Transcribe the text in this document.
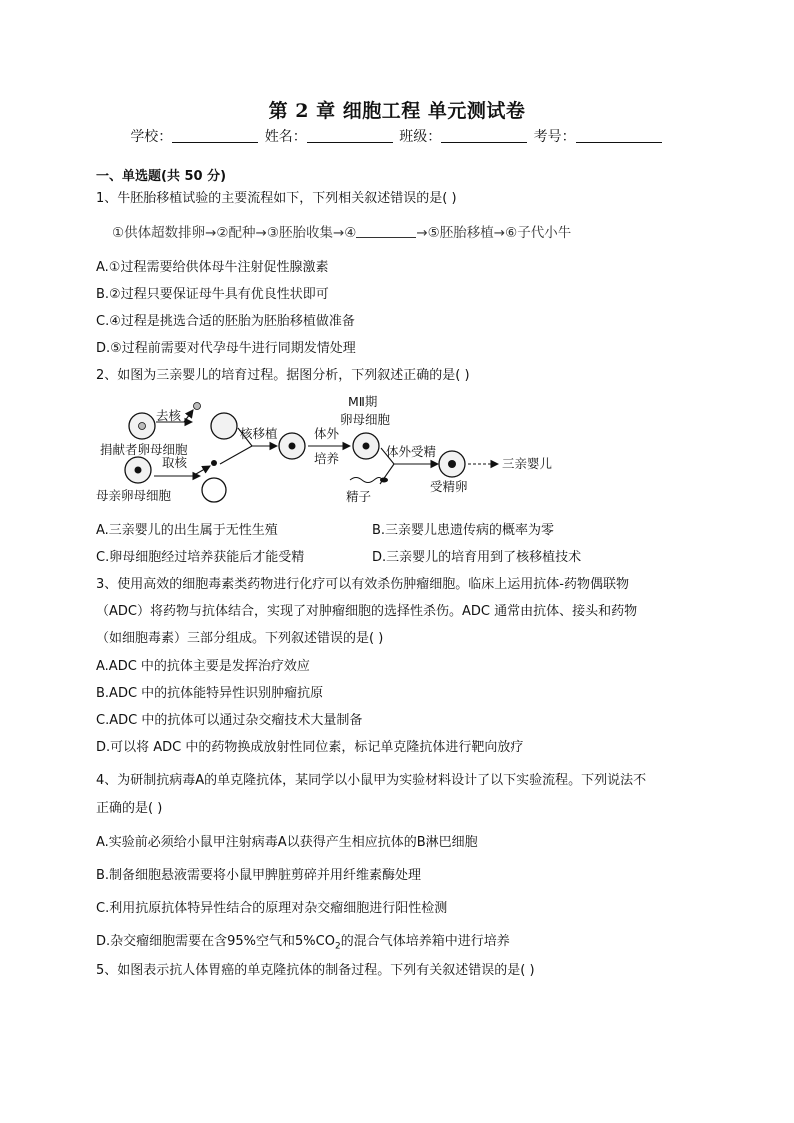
第 2 章 细胞工程 单元测试卷
学校：	姓名：	班级：	考号：
一、单选题(共 50 分)
1、牛胚胎移植试验的主要流程如下，下列相关叙述错误的是( )
①供体超数排卵→②配种→③胚胎收集→④	→⑤胚胎移植→⑥子代小牛
A.①过程需要给供体母牛注射促性腺激素
B.②过程只要保证母牛具有优良性状即可
C.④过程是挑选合适的胚胎为胚胎移植做准备
D.⑤过程前需要对代孕母牛进行同期发情处理
2、如图为三亲婴儿的培育过程。据图分析，下列叙述正确的是( )
去核
捐献者卵母细胞
取核
母亲卵母细胞
核移植	体外
培养
MⅡ期
卵母细胞
体外受精
精子
受精卵
三亲婴儿
A.三亲婴儿的出生属于无性生殖	B.三亲婴儿患遗传病的概率为零
C.卵母细胞经过培养获能后才能受精	D.三亲婴儿的培育用到了核移植技术
3、使用高效的细胞毒素类药物进行化疗可以有效杀伤肿瘤细胞。临床上运用抗体-药物偶联物
（ADC）将药物与抗体结合，实现了对肿瘤细胞的选择性杀伤。ADC 通常由抗体、接头和药物
（如细胞毒素）三部分组成。下列叙述错误的是( )
A.ADC 中的抗体主要是发挥治疗效应
B.ADC 中的抗体能特异性识别肿瘤抗原
C.ADC 中的抗体可以通过杂交瘤技术大量制备
D.可以将 ADC 中的药物换成放射性同位素，标记单克隆抗体进行靶向放疗
4、为研制抗病毒A的单克隆抗体，某同学以小鼠甲为实验材料设计了以下实验流程。下列说法不
正确的是( )
A.实验前必须给小鼠甲注射病毒A以获得产生相应抗体的B淋巴细胞
B.制备细胞悬液需要将小鼠甲脾脏剪碎并用纤维素酶处理
C.利用抗原抗体特异性结合的原理对杂交瘤细胞进行阳性检测
D.杂交瘤细胞需要在含95%空气和$5\%CO_2$的混合气体培养箱中进行培养
5、如图表示抗人体胃癌的单克隆抗体的制备过程。下列有关叙述错误的是( )
